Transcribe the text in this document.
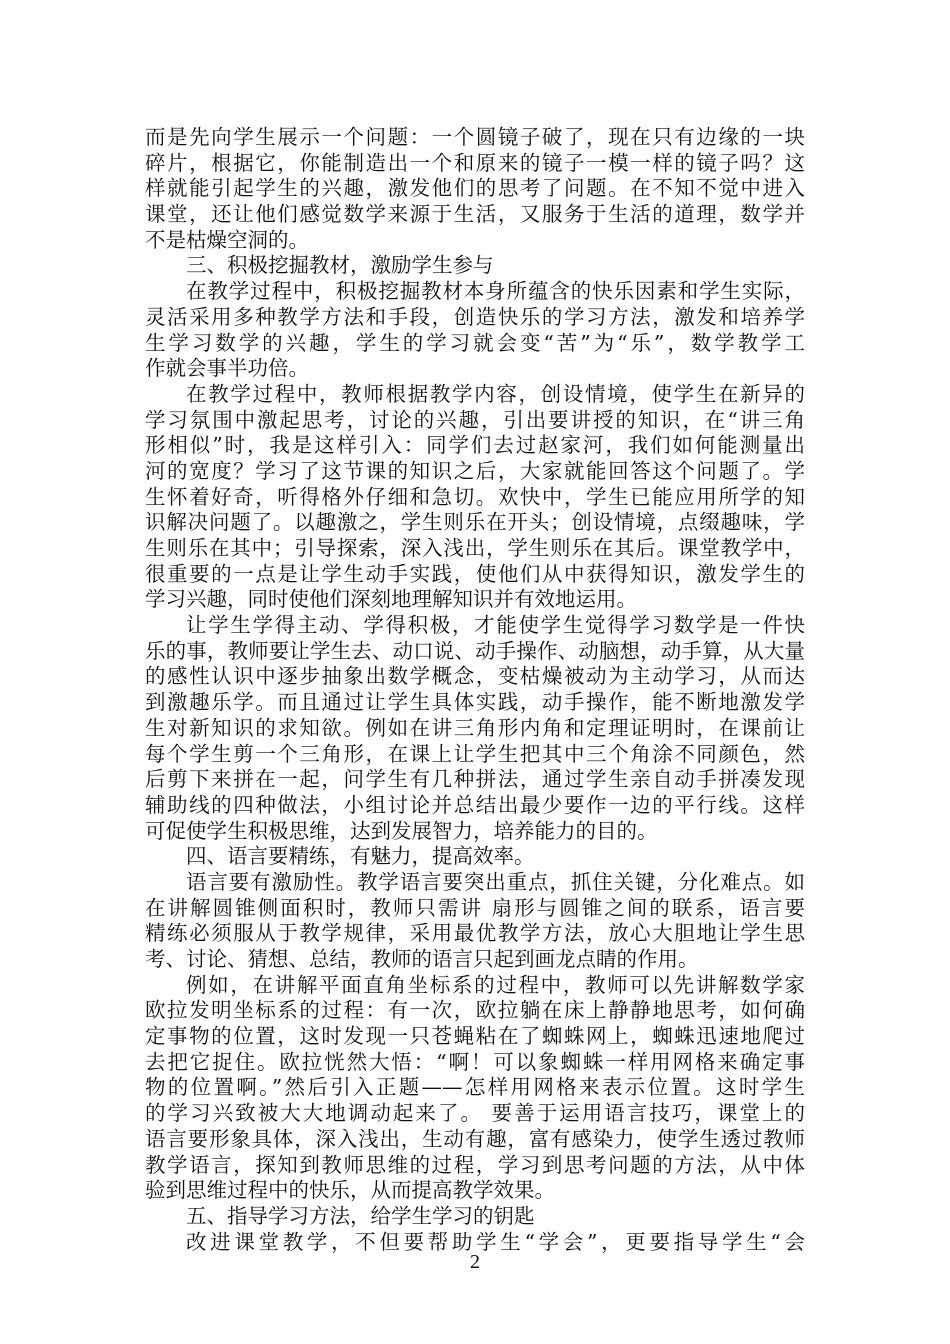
而是先向学生展示一个问题：一个圆镜子破了，现在只有边缘的一块
碎片，根据它，你能制造出一个和原来的镜子一模一样的镜子吗？这
样就能引起学生的兴趣，激发他们的思考了问题。在不知不觉中进入
课堂，还让他们感觉数学来源于生活，又服务于生活的道理，数学并
不是枯燥空洞的。
三、积极挖掘教材，激励学生参与
在教学过程中，积极挖掘教材本身所蕴含的快乐因素和学生实际，
灵活采用多种教学方法和手段，创造快乐的学习方法，激发和培养学
生学习数学的兴趣，学生的学习就会变“苦”为“乐”，数学教学工
作就会事半功倍。
在教学过程中，教师根据教学内容，创设情境，使学生在新异的
学习氛围中激起思考，讨论的兴趣，引出要讲授的知识，在“讲三角
形相似”时，我是这样引入：同学们去过赵家河，我们如何能测量出
河的宽度？学习了这节课的知识之后，大家就能回答这个问题了。学
生怀着好奇，听得格外仔细和急切。欢快中，学生已能应用所学的知
识解决问题了。以趣激之，学生则乐在开头；创设情境，点缀趣味，学
生则乐在其中；引导探索，深入浅出，学生则乐在其后。课堂教学中，
很重要的一点是让学生动手实践，使他们从中获得知识，激发学生的
学习兴趣，同时使他们深刻地理解知识并有效地运用。
让学生学得主动、学得积极，才能使学生觉得学习数学是一件快
乐的事，教师要让学生去、动口说、动手操作、动脑想，动手算，从大量
的感性认识中逐步抽象出数学概念，变枯燥被动为主动学习，从而达
到激趣乐学。而且通过让学生具体实践，动手操作，能不断地激发学
生对新知识的求知欲。例如在讲三角形内角和定理证明时，在课前让
每个学生剪一个三角形，在课上让学生把其中三个角涂不同颜色，然
后剪下来拼在一起，问学生有几种拼法，通过学生亲自动手拼凑发现
辅助线的四种做法，小组讨论并总结出最少要作一边的平行线。这样
可促使学生积极思维，达到发展智力，培养能力的目的。
四、语言要精练，有魅力，提高效率。
语言要有激励性。教学语言要突出重点，抓住关键，分化难点。如
在讲解圆锥侧面积时，教师只需讲 扇形与圆锥之间的联系，语言要
精练必须服从于教学规律，采用最优教学方法，放心大胆地让学生思
考、讨论、猜想、总结，教师的语言只起到画龙点睛的作用。
例如，在讲解平面直角坐标系的过程中，教师可以先讲解数学家
欧拉发明坐标系的过程：有一次，欧拉躺在床上静静地思考，如何确
定事物的位置，这时发现一只苍蝇粘在了蜘蛛网上，蜘蛛迅速地爬过
去把它捉住。欧拉恍然大悟：“啊！可以象蜘蛛一样用网格来确定事
物的位置啊。”然后引入正题——怎样用网格来表示位置。这时学生
的学习兴致被大大地调动起来了。 要善于运用语言技巧，课堂上的
语言要形象具体，深入浅出，生动有趣，富有感染力，使学生透过教师
教学语言，探知到教师思维的过程，学习到思考问题的方法，从中体
验到思维过程中的快乐，从而提高教学效果。
五、指导学习方法，给学生学习的钥匙
改进课堂教学，不但要帮助学生“学会”，更要指导学生“会
2
